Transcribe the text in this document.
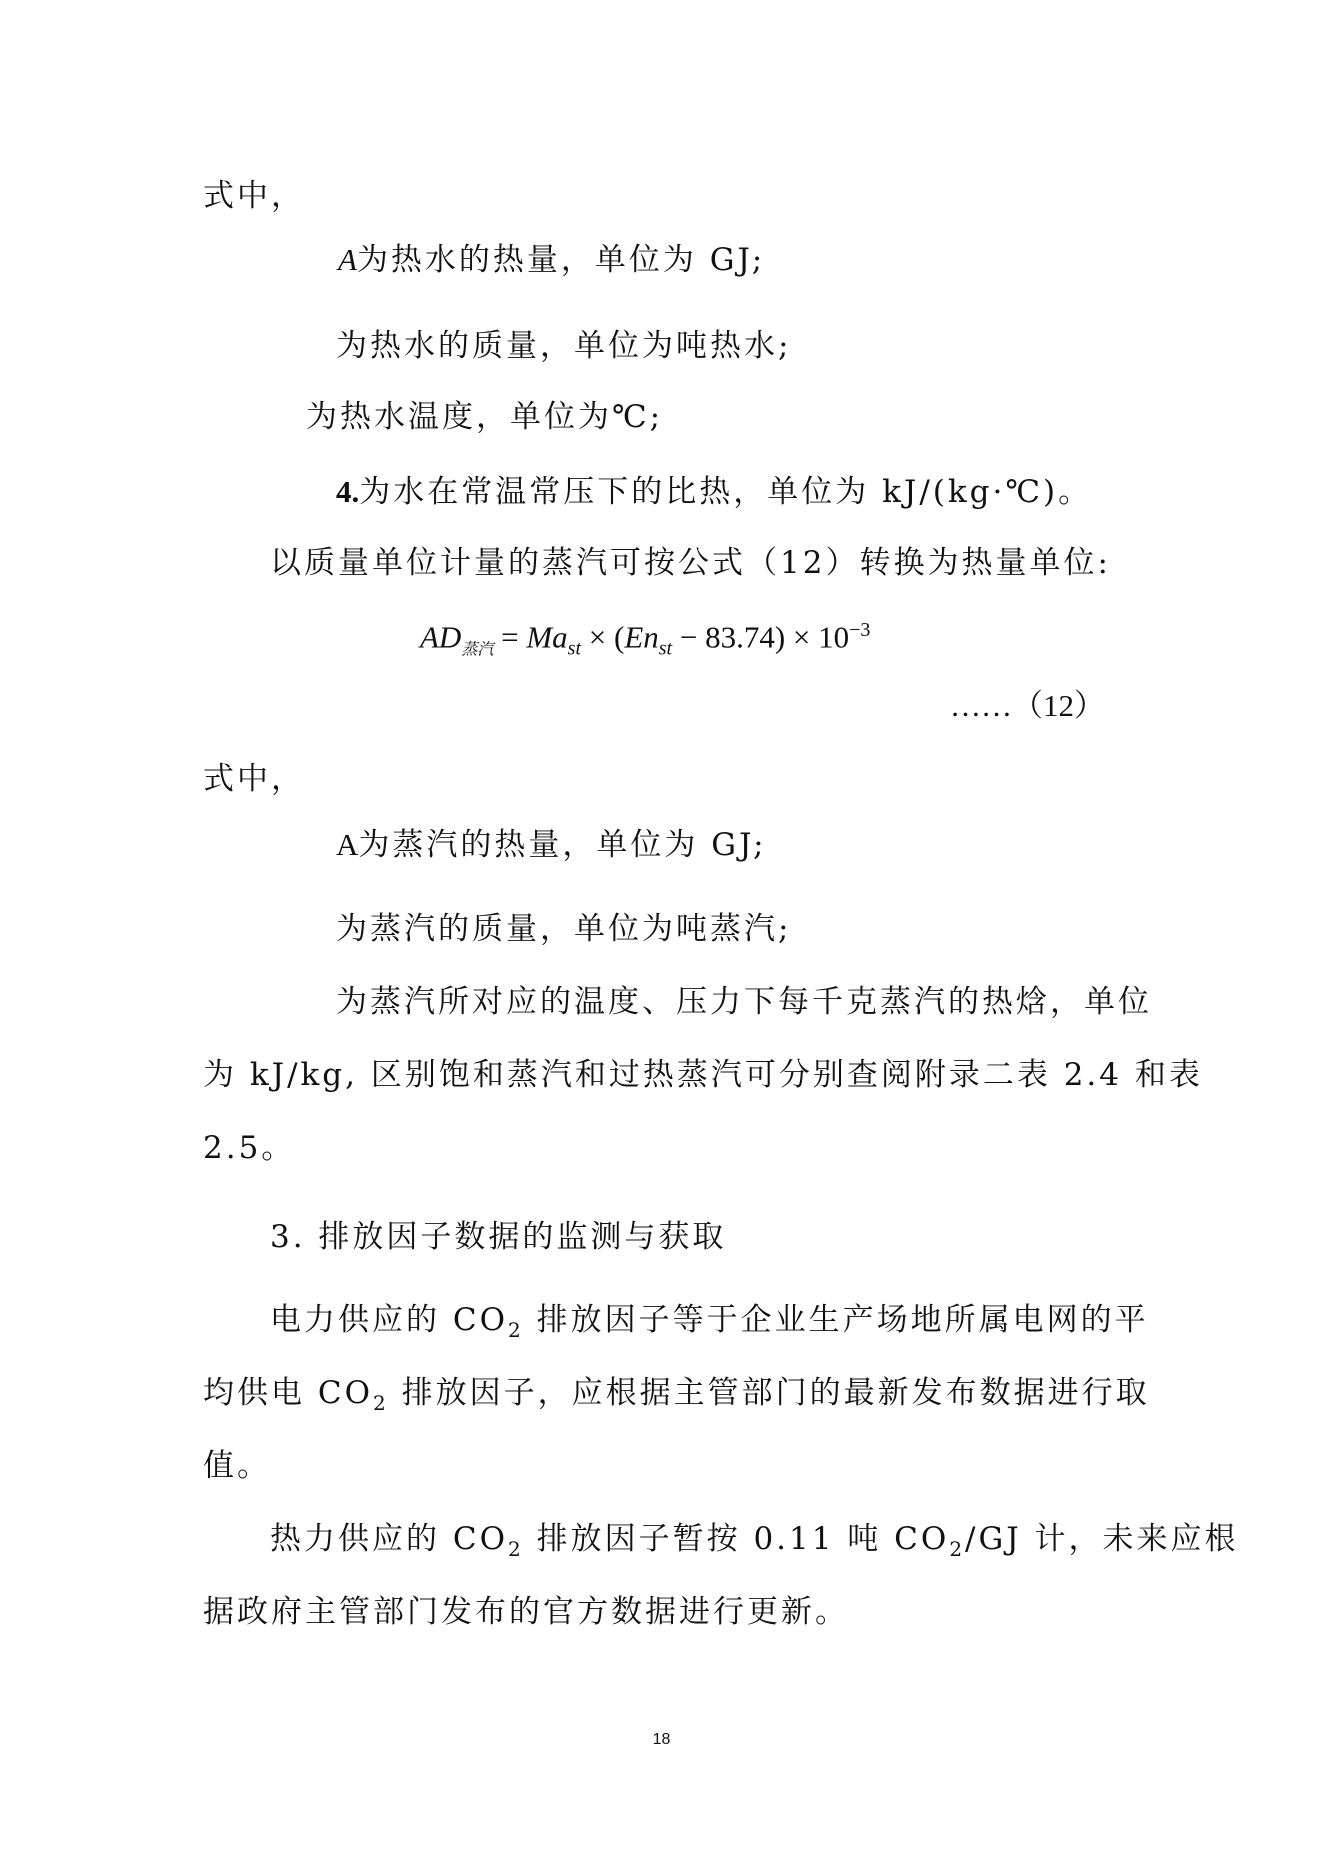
式中，
A为热水的热量，单位为 GJ;
为热水的质量，单位为吨热水;
为热水温度，单位为℃;
4.为水在常温常压下的比热，单位为 kJ/(kg·℃)。
以质量单位计量的蒸汽可按公式（12）转换为热量单位:
$AD_{蒸汽} = Ma_{st} \times (En_{st} - 83.74) \times 10^{-3}$
……（12）
式中，
A为蒸汽的热量，单位为 GJ;
为蒸汽的质量，单位为吨蒸汽;
为蒸汽所对应的温度、压力下每千克蒸汽的热焓，单位
为 kJ/kg, 区别饱和蒸汽和过热蒸汽可分别查阅附录二表 2.4 和表
2.5。
3. 排放因子数据的监测与获取
电力供应的 $CO_2$ 排放因子等于企业生产场地所属电网的平
均供电 $CO_2$ 排放因子，应根据主管部门的最新发布数据进行取
值。
热力供应的 $CO_2$ 排放因子暂按 0.11 吨 $CO_2/GJ$ 计，未来应根
据政府主管部门发布的官方数据进行更新。
18
